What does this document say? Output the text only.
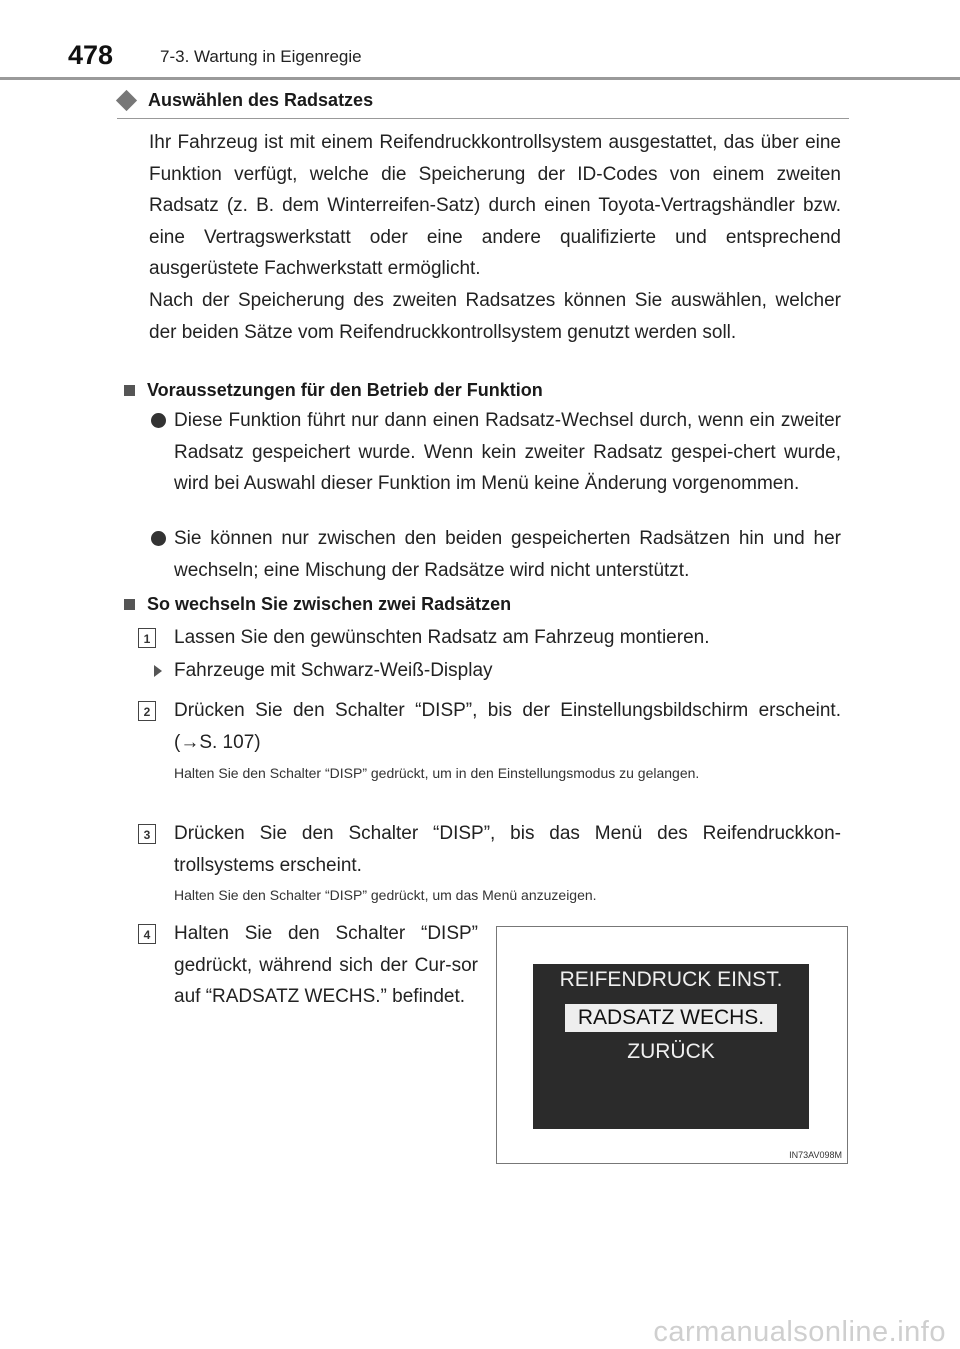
478	7-3. Wartung in Eigenregie
Auswählen des Radsatzes
Ihr Fahrzeug ist mit einem Reifendruckkontrollsystem ausgestattet, das über eine Funktion verfügt, welche die Speicherung der ID-Codes von einem zweiten Radsatz (z. B. dem Winterreifen-Satz) durch einen Toyota-Vertragshändler bzw. eine Vertragswerkstatt oder eine andere qualifizierte und entsprechend ausgerüstete Fachwerkstatt ermöglicht.
Nach der Speicherung des zweiten Radsatzes können Sie auswählen, welcher der beiden Sätze vom Reifendruckkontrollsystem genutzt werden soll.
Voraussetzungen für den Betrieb der Funktion
Diese Funktion führt nur dann einen Radsatz-Wechsel durch, wenn ein zweiter Radsatz gespeichert wurde. Wenn kein zweiter Radsatz gespei-chert wurde, wird bei Auswahl dieser Funktion im Menü keine Änderung vorgenommen.
Sie können nur zwischen den beiden gespeicherten Radsätzen hin und her wechseln; eine Mischung der Radsätze wird nicht unterstützt.
So wechseln Sie zwischen zwei Radsätzen
1 Lassen Sie den gewünschten Radsatz am Fahrzeug montieren.
Fahrzeuge mit Schwarz-Weiß-Display
2 Drücken Sie den Schalter “DISP”, bis der Einstellungsbildschirm erscheint. (→S. 107)
Halten Sie den Schalter “DISP” gedrückt, um in den Einstellungsmodus zu gelangen.
3 Drücken Sie den Schalter “DISP”, bis das Menü des Reifendruckkon-trollsystems erscheint.
Halten Sie den Schalter “DISP” gedrückt, um das Menü anzuzeigen.
4 Halten Sie den Schalter “DISP” gedrückt, während sich der Cur-sor auf “RADSATZ WECHS.” befindet.
REIFENDRUCK EINST.
RADSATZ WECHS.
ZURÜCK
IN73AV098M
carmanualsonline.info
